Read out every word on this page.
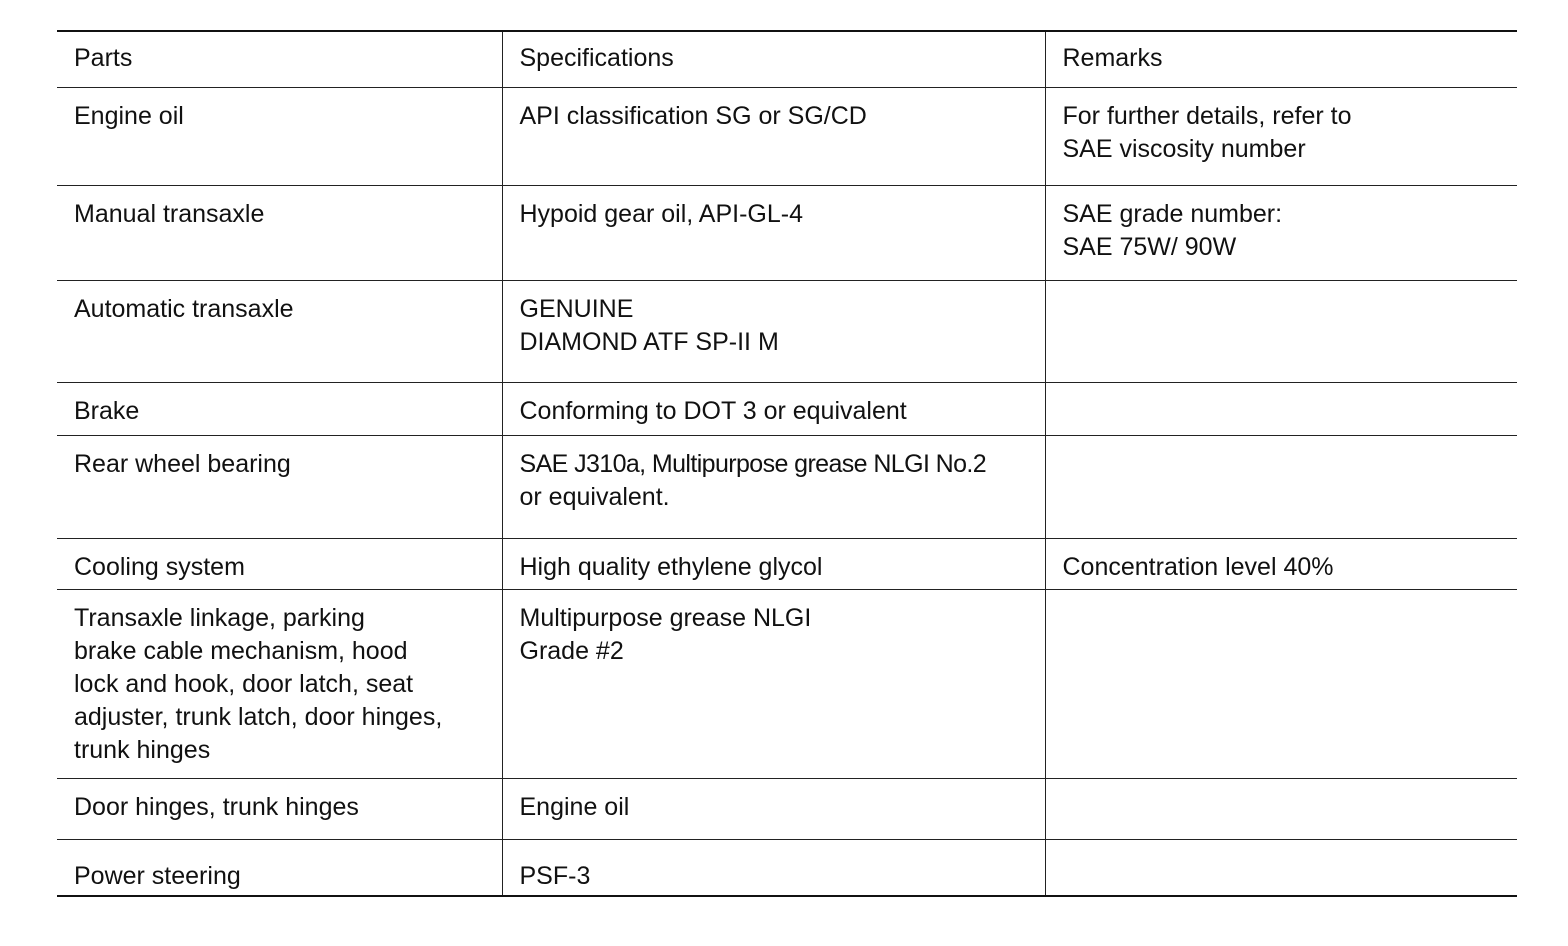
Parts	Specifications	Remarks

Engine oil	API classification SG or SG/CD	For further details, refer to
SAE viscosity number

Manual transaxle	Hypoid gear oil, API-GL-4	SAE grade number:
SAE 75W/ 90W

Automatic transaxle	GENUINE
DIAMOND ATF SP-II M	

Brake	Conforming to DOT 3 or equivalent	

Rear wheel bearing	SAE J310a, Multipurpose grease NLGI No.2
or equivalent.	

Cooling system	High quality ethylene glycol	Concentration level 40%

Transaxle linkage, parking
brake cable mechanism, hood
lock and hook, door latch, seat
adjuster, trunk latch, door hinges,
trunk hinges	Multipurpose grease NLGI
Grade #2	

Door hinges, trunk hinges	Engine oil	

Power steering	PSF-3	
